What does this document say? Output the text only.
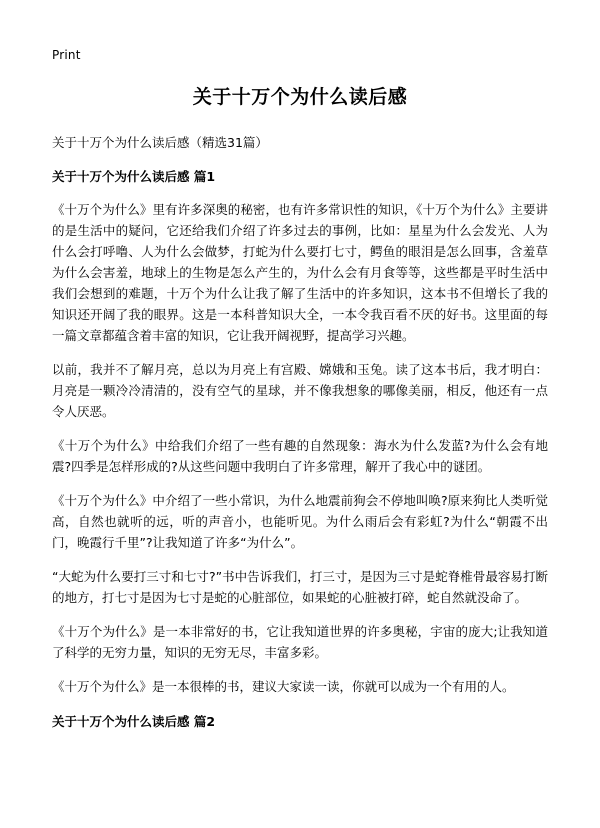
Print
关于十万个为什么读后感
关于十万个为什么读后感（精选31篇）
关于十万个为什么读后感 篇1

《十万个为什么》里有许多深奥的秘密，也有许多常识性的知识，《十万个为什么》主要讲的是生活中的疑问，它还给我们介绍了许多过去的事例，比如：星星为什么会发光、人为什么会打呼噜、人为什么会做梦，打蛇为什么要打七寸，鳄鱼的眼泪是怎么回事，含羞草为什么会害羞，地球上的生物是怎么产生的，为什么会有月食等等，这些都是平时生活中我们会想到的难题，十万个为什么让我了解了生活中的许多知识，这本书不但增长了我的知识还开阔了我的眼界。这是一本科普知识大全，一本令我百看不厌的好书。这里面的每一篇文章都蕴含着丰富的知识，它让我开阔视野，提高学习兴趣。

以前，我并不了解月亮，总以为月亮上有宫殿、嫦娥和玉兔。读了这本书后，我才明白：月亮是一颗冷冷清清的，没有空气的星球，并不像我想象的哪像美丽，相反，他还有一点令人厌恶。

《十万个为什么》中给我们介绍了一些有趣的自然现象：海水为什么发蓝?为什么会有地震?四季是怎样形成的?从这些问题中我明白了许多常理，解开了我心中的谜团。

《十万个为什么》中介绍了一些小常识，为什么地震前狗会不停地叫唤?原来狗比人类听觉高，自然也就听的远，听的声音小，也能听见。为什么雨后会有彩虹?为什么“朝霞不出门，晚霞行千里”?让我知道了许多“为什么”。

“大蛇为什么要打三寸和七寸?”书中告诉我们，打三寸，是因为三寸是蛇脊椎骨最容易打断的地方，打七寸是因为七寸是蛇的心脏部位，如果蛇的心脏被打碎，蛇自然就没命了。

《十万个为什么》是一本非常好的书，它让我知道世界的许多奥秘，宇宙的庞大;让我知道了科学的无穷力量，知识的无穷无尽，丰富多彩。

《十万个为什么》是一本很棒的书，建议大家读一读，你就可以成为一个有用的人。

关于十万个为什么读后感 篇2
